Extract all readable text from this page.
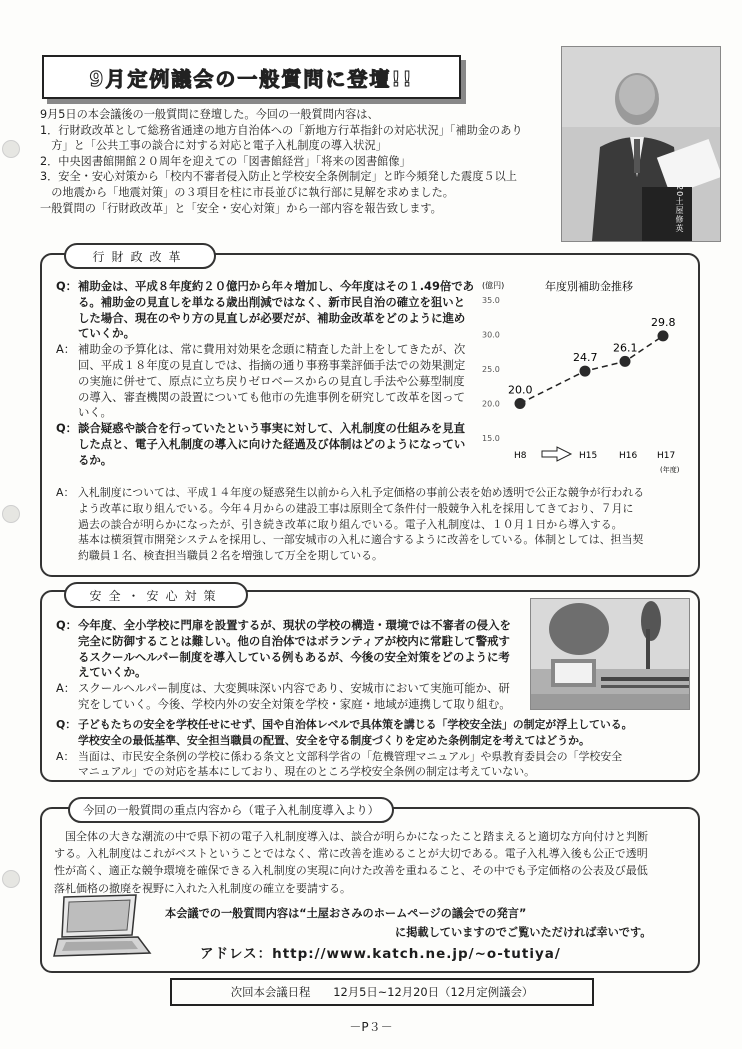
9月定例議会の一般質問に登壇!!
20土屋修英

9月5日の本会議後の一般質問に登壇した。今回の一般質問内容は、

1．行財政改革として総務省通達の地方自治体への「新地方行革指針の対応状況」「補助金のあり

　方」と「公共工事の談合に対する対応と電子入札制度の導入状況」

2．中央図書館開館２０周年を迎えての「図書館経営」「将来の図書館像」

3．安全・安心対策から「校内不審者侵入防止と学校安全条例制定」と昨今頻発した震度５以上

　の地震から「地震対策」の３項目を柱に市長並びに執行部に見解を求めました。

一般質問の「行財政改革」と「安全・安心対策」から一部内容を報告致します。

行財政改革
Q： 補助金は、平成８年度約２０億円から年々増加し、今年度はその１.49倍であ
る。補助金の見直しを単なる歳出削減ではなく、新市民自治の確立を狙いと
した場合、現在のやり方の見直しが必要だが、補助金改革をどのように進め
ていくか。
A： 補助金の予算化は、常に費用対効果を念頭に精査した計上をしてきたが、次
回、平成１８年度の見直しでは、指摘の通り事務事業評価手法での効果測定
の実施に併せて、原点に立ち戻りゼロベースからの見直し手法や公募型制度
の導入、審査機関の設置についても他市の先進事例を研究して改革を図って
いく。
Q： 談合疑惑や談合を行っていたという事実に対して、入札制度の仕組みを見直
した点と、電子入札制度の導入に向けた経過及び体制はどのようになってい
るか。
A： 入札制度については、平成１４年度の疑惑発生以前から入札予定価格の事前公表を始め透明で公正な競争が行われる
よう改革に取り組んでいる。今年４月からの建設工事は原則全て条件付一般競争入札を採用してきており、７月に
過去の談合が明らかになったが、引き続き改革に取り組んでいる。電子入札制度は、１０月１日から導入する。
基本は横須賀市開発システムを採用し、一部安城市の入札に適合するように改善をしている。体制としては、担当契
約職員１名、検査担当職員２名を増強して万全を期している。
年度別補助金推移
(億円)
(年度)
15.0
20.0
25.0
30.0
35.0
H8	H15 H16 H17
20.0
24.7
26.1
29.8
安全・安心対策
Q： 今年度、全小学校に門扉を設置するが、現状の学校の構造・環境では不審者の侵入を
完全に防御することは難しい。他の自治体ではボランティアが校内に常駐して警戒す
るスクールヘルパー制度を導入している例もあるが、今後の安全対策をどのように考
えていくか。
A： スクールヘルパー制度は、大変興味深い内容であり、安城市において実施可能か、研
究をしていく。今後、学校内外の安全対策を学校・家庭・地域が連携して取り組む。
Q： 子どもたちの安全を学校任せにせず、国や自治体レベルで具体策を講じる「学校安全法」の制定が浮上している。
学校安全の最低基準、安全担当職員の配置、安全を守る制度づくりを定めた条例制定を考えてはどうか。
A： 当面は、市民安全条例の学校に係わる条文と文部科学省の「危機管理マニュアル」や県教育委員会の「学校安全
マニュアル」での対応を基本にしており、現在のところ学校安全条例の制定は考えていない。
今回の一般質問の重点内容から（電子入札制度導入より）
　国全体の大きな潮流の中で県下初の電子入札制度導入は、談合が明らかになったこと踏まえると適切な方向付けと判断
する。入札制度はこれがベストということではなく、常に改善を進めることが大切である。電子入札導入後も公正で透明
性が高く、適正な競争環境を確保できる入札制度の実現に向けた改善を重ねること、その中でも予定価格の公表及び最低
落札価格の撤廃を視野に入れた入札制度の確立を要請する。
本会議での一般質問内容は“土屋おさみのホームページの議会での発言”
に掲載していますのでご覧いただければ幸いです。
アドレス：http://www.katch.ne.jp/~o-tutiya/
次回本会議日程　　12月5日~12月20日（12月定例議会）
－P３－
